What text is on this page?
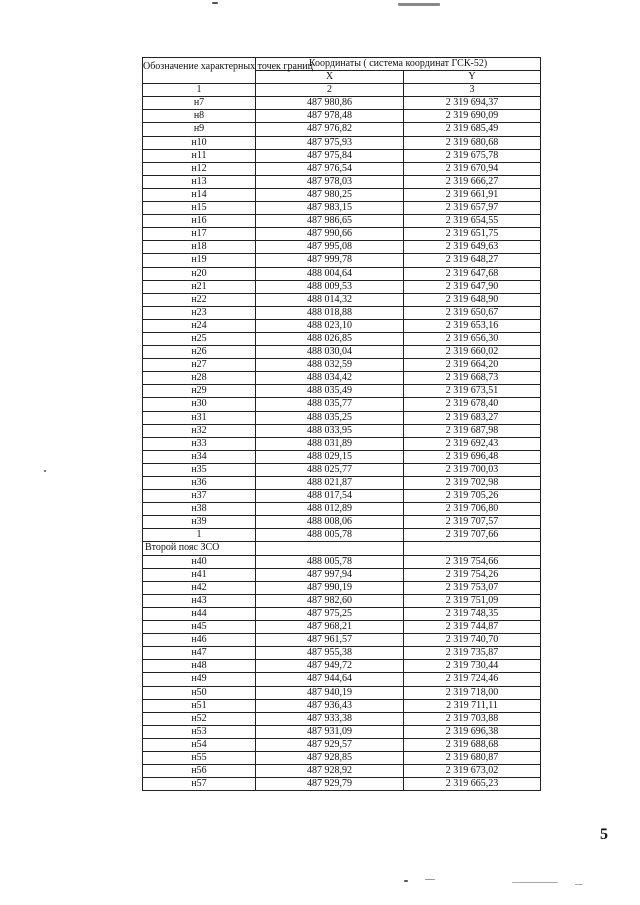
Обозначение характерных точек границ	Координаты ( система координат ГСК-52)	
	X	Y
1	2	3
н7	487 980,86	2 319 694,37
н8	487 978,48	2 319 690,09
н9	487 976,82	2 319 685,49
н10	487 975,93	2 319 680,68
н11	487 975,84	2 319 675,78
н12	487 976,54	2 319 670,94
н13	487 978,03	2 319 666,27
н14	487 980,25	2 319 661,91
н15	487 983,15	2 319 657,97
н16	487 986,65	2 319 654,55
н17	487 990,66	2 319 651,75
н18	487 995,08	2 319 649,63
н19	487 999,78	2 319 648,27
н20	488 004,64	2 319 647,68
н21	488 009,53	2 319 647,90
н22	488 014,32	2 319 648,90
н23	488 018,88	2 319 650,67
н24	488 023,10	2 319 653,16
н25	488 026,85	2 319 656,30
н26	488 030,04	2 319 660,02
н27	488 032,59	2 319 664,20
н28	488 034,42	2 319 668,73
н29	488 035,49	2 319 673,51
н30	488 035,77	2 319 678,40
н31	488 035,25	2 319 683,27
н32	488 033,95	2 319 687,98
н33	488 031,89	2 319 692,43
н34	488 029,15	2 319 696,48
н35	488 025,77	2 319 700,03
н36	488 021,87	2 319 702,98
н37	488 017,54	2 319 705,26
н38	488 012,89	2 319 706,80
н39	488 008,06	2 319 707,57
1	488 005,78	2 319 707,66
Второй пояс ЗСО		
н40	488 005,78	2 319 754,66
н41	487 997,94	2 319 754,26
н42	487 990,19	2 319 753,07
н43	487 982,60	2 319 751,09
н44	487 975,25	2 319 748,35
н45	487 968,21	2 319 744,87
н46	487 961,57	2 319 740,70
н47	487 955,38	2 319 735,87
н48	487 949,72	2 319 730,44
н49	487 944,64	2 319 724,46
н50	487 940,19	2 319 718,00
н51	487 936,43	2 319 711,11
н52	487 933,38	2 319 703,88
н53	487 931,09	2 319 696,38
н54	487 929,57	2 319 688,68
н55	487 928,85	2 319 680,87
н56	487 928,92	2 319 673,02
н57	487 929,79	2 319 665,23
5
